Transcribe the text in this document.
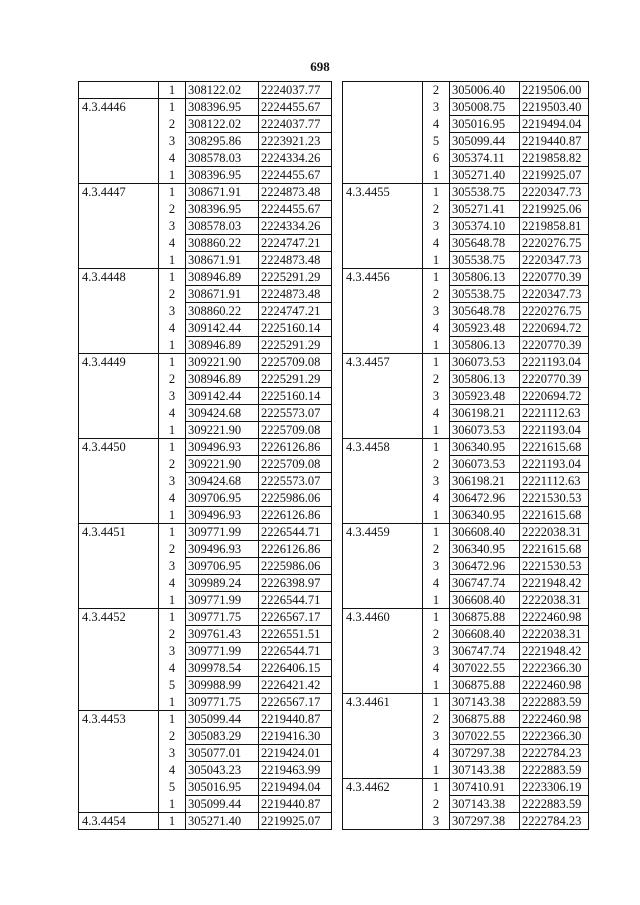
698
	1	308122.02	2224037.77
4.3.4446	1	308396.95	2224455.67
	2	308122.02	2224037.77
	3	308295.86	2223921.23
	4	308578.03	2224334.26
	1	308396.95	2224455.67
4.3.4447	1	308671.91	2224873.48
	2	308396.95	2224455.67
	3	308578.03	2224334.26
	4	308860.22	2224747.21
	1	308671.91	2224873.48
4.3.4448	1	308946.89	2225291.29
	2	308671.91	2224873.48
	3	308860.22	2224747.21
	4	309142.44	2225160.14
	1	308946.89	2225291.29
4.3.4449	1	309221.90	2225709.08
	2	308946.89	2225291.29
	3	309142.44	2225160.14
	4	309424.68	2225573.07
	1	309221.90	2225709.08
4.3.4450	1	309496.93	2226126.86
	2	309221.90	2225709.08
	3	309424.68	2225573.07
	4	309706.95	2225986.06
	1	309496.93	2226126.86
4.3.4451	1	309771.99	2226544.71
	2	309496.93	2226126.86
	3	309706.95	2225986.06
	4	309989.24	2226398.97
	1	309771.99	2226544.71
4.3.4452	1	309771.75	2226567.17
	2	309761.43	2226551.51
	3	309771.99	2226544.71
	4	309978.54	2226406.15
	5	309988.99	2226421.42
	1	309771.75	2226567.17
4.3.4453	1	305099.44	2219440.87
	2	305083.29	2219416.30
	3	305077.01	2219424.01
	4	305043.23	2219463.99
	5	305016.95	2219494.04
	1	305099.44	2219440.87
4.3.4454	1	305271.40	2219925.07
	2	305006.40	2219506.00
	3	305008.75	2219503.40
	4	305016.95	2219494.04
	5	305099.44	2219440.87
	6	305374.11	2219858.82
	1	305271.40	2219925.07
4.3.4455	1	305538.75	2220347.73
	2	305271.41	2219925.06
	3	305374.10	2219858.81
	4	305648.78	2220276.75
	1	305538.75	2220347.73
4.3.4456	1	305806.13	2220770.39
	2	305538.75	2220347.73
	3	305648.78	2220276.75
	4	305923.48	2220694.72
	1	305806.13	2220770.39
4.3.4457	1	306073.53	2221193.04
	2	305806.13	2220770.39
	3	305923.48	2220694.72
	4	306198.21	2221112.63
	1	306073.53	2221193.04
4.3.4458	1	306340.95	2221615.68
	2	306073.53	2221193.04
	3	306198.21	2221112.63
	4	306472.96	2221530.53
	1	306340.95	2221615.68
4.3.4459	1	306608.40	2222038.31
	2	306340.95	2221615.68
	3	306472.96	2221530.53
	4	306747.74	2221948.42
	1	306608.40	2222038.31
4.3.4460	1	306875.88	2222460.98
	2	306608.40	2222038.31
	3	306747.74	2221948.42
	4	307022.55	2222366.30
	1	306875.88	2222460.98
4.3.4461	1	307143.38	2222883.59
	2	306875.88	2222460.98
	3	307022.55	2222366.30
	4	307297.38	2222784.23
	1	307143.38	2222883.59
4.3.4462	1	307410.91	2223306.19
	2	307143.38	2222883.59
	3	307297.38	2222784.23
